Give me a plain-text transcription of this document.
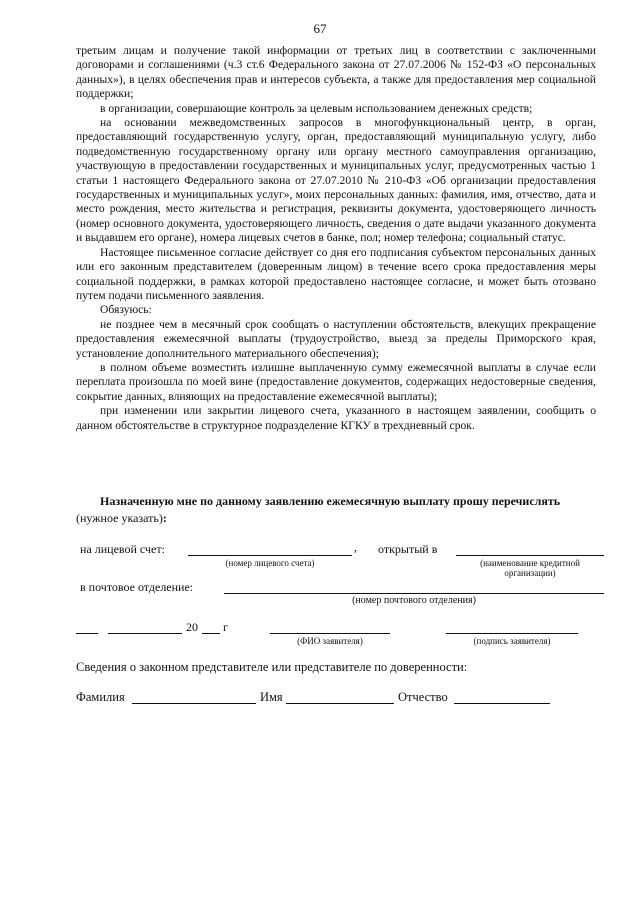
67

третьим лицам и получение такой информации от третьих лиц в соответствии с заключенными договорами и соглашениями (ч.3 ст.6 Федерального закона от 27.07.2006 № 152-ФЗ «О персональных данных»), в целях обеспечения прав и интересов субъекта, а также для предоставления мер социальной поддержки;

в организации, совершающие контроль за целевым использованием денежных средств;

на основании межведомственных запросов в многофункциональный центр, в орган, предоставляющий государственную услугу, орган, предоставляющий муниципальную услугу, либо подведомственную государственному органу или органу местного самоуправления организацию, участвующую в предоставлении государственных и муниципальных услуг, предусмотренных частью 1 статьи 1 настоящего Федерального закона от 27.07.2010 № 210-ФЗ «Об организации предоставления государственных и муниципальных услуг», моих персональных данных: фамилия, имя, отчество, дата и место рождения, место жительства и регистрация, реквизиты документа, удостоверяющего личность (номер основного документа, удостоверяющего личность, сведения о дате выдачи указанного документа и выдавшем его органе), номера лицевых счетов в банке, пол; номер телефона; социальный статус.

Настоящее письменное согласие действует со дня его подписания субъектом персональных данных или его законным представителем (доверенным лицом) в течение всего срока предоставления меры социальной поддержки, в рамках которой предоставлено настоящее согласие, и может быть отозвано путем подачи письменного заявления.

Обязуюсь:

не позднее чем в месячный срок сообщать о наступлении обстоятельств, влекущих прекращение предоставления ежемесячной выплаты (трудоустройство, выезд за пределы Приморского края, установление дополнительного материального обеспечения);

в полном объеме возместить излишне выплаченную сумму ежемесячной выплаты в случае если переплата произошла по моей вине (предоставление документов, содержащих недостоверные сведения, сокрытие данных, влияющих на предоставление ежемесячной выплаты);

при изменении или закрытии лицевого счета, указанного в настоящем заявлении, сообщить о данном обстоятельстве в структурное подразделение КГКУ в трехдневный срок.

Назначенную мне по данному заявлению ежемесячную выплату прошу перечислять
(нужное указать):
на лицевой счет:	, открытый в
(номер лицевого счета)	(наименование кредитной организации)
в почтовое отделение:
(номер почтового отделения)
20 г
(ФИО заявителя)	(подпись заявителя)
Сведения о законном представителе или представителе по доверенности:
Фамилия	Имя	Отчество
